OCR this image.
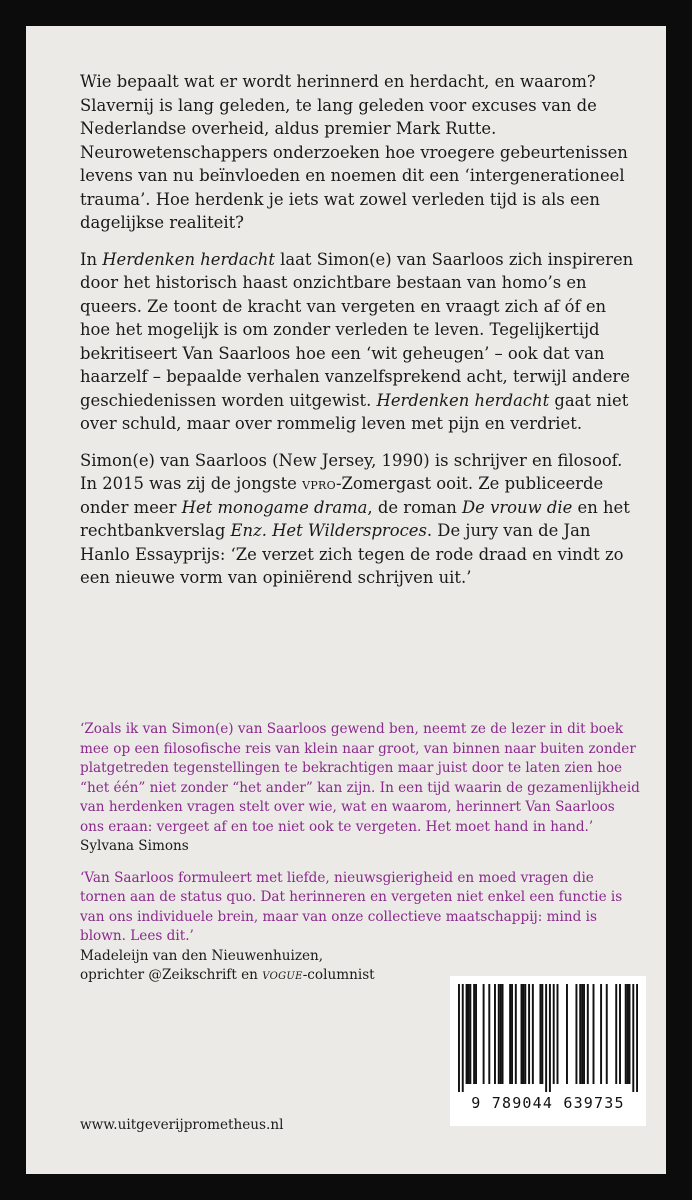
Wie bepaalt wat er wordt herinnerd en herdacht, en waarom? Slavernij is lang geleden, te lang geleden voor excuses van de Nederlandse overheid, aldus premier Mark Rutte. Neurowetenschappers onderzoeken hoe vroegere gebeurtenissen levens van nu beïnvloeden en noemen dit een ‘intergenerationeel trauma’. Hoe herdenk je iets wat zowel verleden tijd is als een dagelijkse realiteit?

In Herdenken herdacht laat Simon(e) van Saarloos zich inspireren door het historisch haast onzichtbare bestaan van homo’s en queers. Ze toont de kracht van vergeten en vraagt zich af óf en hoe het mogelijk is om zonder verleden te leven. Tegelijkertijd bekritiseert Van Saarloos hoe een ‘wit geheugen’ – ook dat van haarzelf – bepaalde verhalen vanzelfsprekend acht, terwijl andere geschiedenissen worden uitgewist. Herdenken herdacht gaat niet over schuld, maar over rommelig leven met pijn en verdriet.

Simon(e) van Saarloos (New Jersey, 1990) is schrijver en filosoof. In 2015 was zij de jongste vpro-Zomergast ooit. Ze publiceerde onder meer Het monogame drama, de roman De vrouw die en het rechtbankverslag Enz. Het Wildersproces. De jury van de Jan Hanlo Essayprijs: ‘Ze verzet zich tegen de rode draad en vindt zo een nieuwe vorm van opiniërend schrijven uit.’

‘Zoals ik van Simon(e) van Saarloos gewend ben, neemt ze de lezer in dit boek mee op een filosofische reis van klein naar groot, van binnen naar buiten zonder platgetreden tegenstellingen te bekrachtigen maar juist door te laten zien hoe “het één” niet zonder “het ander” kan zijn. In een tijd waarin de gezamenlijkheid van herdenken vragen stelt over wie, wat en waarom, herinnert Van Saarloos ons eraan: vergeet af en toe niet ook te vergeten. Het moet hand in hand.’

Sylvana Simons

‘Van Saarloos formuleert met liefde, nieuwsgierigheid en moed vragen die tornen aan de status quo. Dat herinneren en vergeten niet enkel een functie is van ons individuele brein, maar van onze collectieve maatschappij: mind is blown. Lees dit.’

Madeleijn van den Nieuwenhuizen,
oprichter @Zeikschrift en vogue-columnist

www.uitgeverijprometheus.nl
9 789044 639735
